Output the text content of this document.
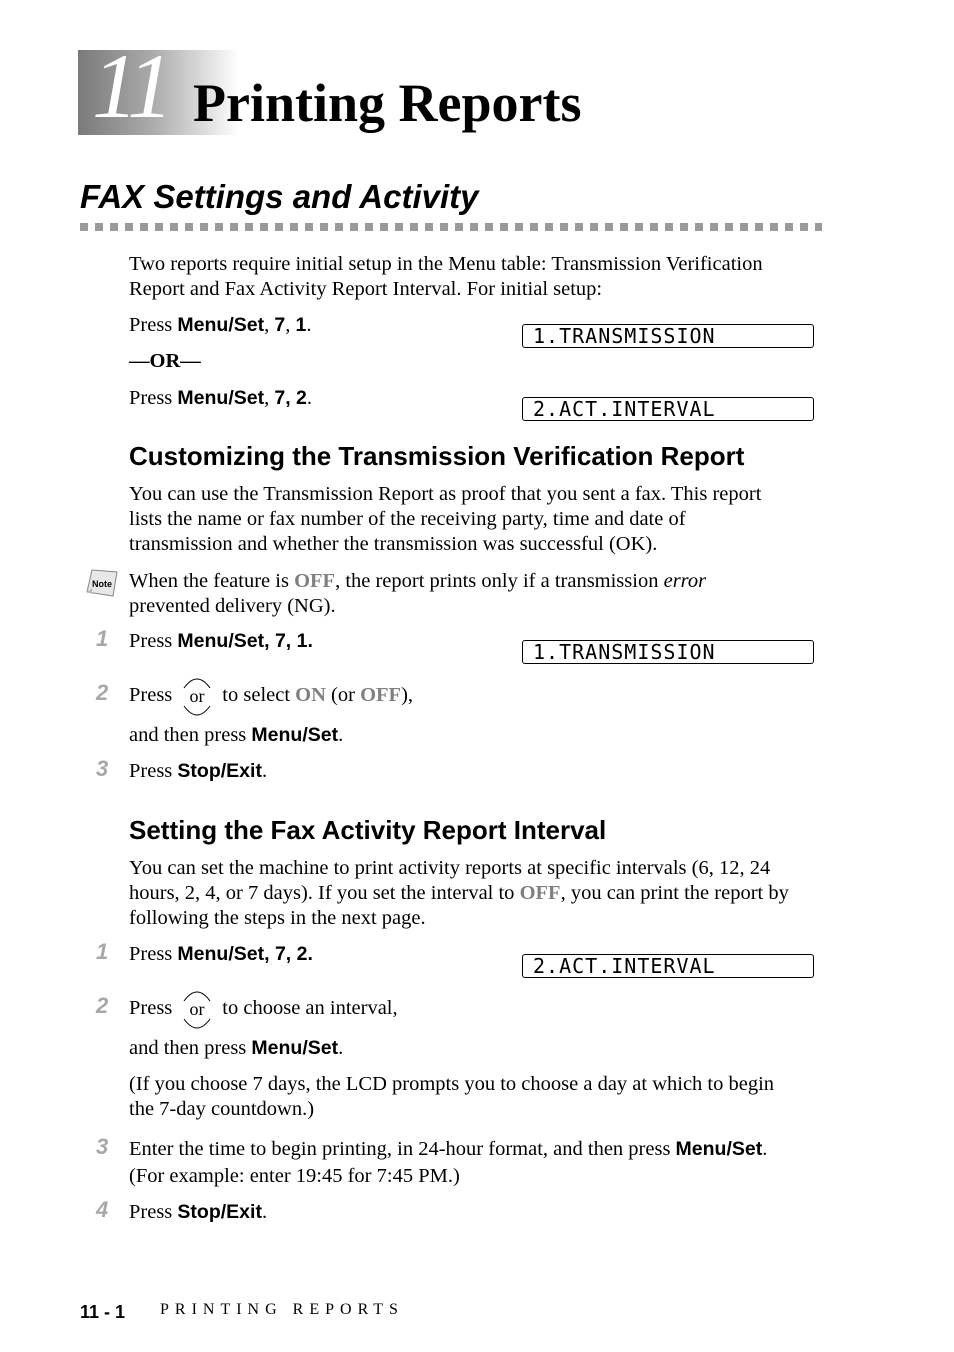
11 Printing Reports
FAX Settings and Activity
Two reports require initial setup in the Menu table: Transmission Verification
Report and Fax Activity Report Interval. For initial setup:
Press Menu/Set, 7, 1.	1.TRANSMISSION
—OR—
Press Menu/Set, 7, 2.	2.ACT.INTERVAL
Customizing the Transmission Verification Report
You can use the Transmission Report as proof that you sent a fax. This report
lists the name or fax number of the receiving party, time and date of
transmission and whether the transmission was successful (OK).
Note When the feature is OFF, the report prints only if a transmission error
prevented delivery (NG).
1 Press Menu/Set, 7, 1.	1.TRANSMISSION
2 Press or to select ON (or OFF),
and then press Menu/Set.
3 Press Stop/Exit.
Setting the Fax Activity Report Interval
You can set the machine to print activity reports at specific intervals (6, 12, 24
hours, 2, 4, or 7 days). If you set the interval to OFF, you can print the report by
following the steps in the next page.
1 Press Menu/Set, 7, 2.	2.ACT.INTERVAL
2 Press or to choose an interval,
and then press Menu/Set.
(If you choose 7 days, the LCD prompts you to choose a day at which to begin
the 7-day countdown.)
3 Enter the time to begin printing, in 24-hour format, and then press Menu/Set.
(For example: enter 19:45 for 7:45 PM.)
4 Press Stop/Exit.
11 - 1 PRINTING REPORTS
